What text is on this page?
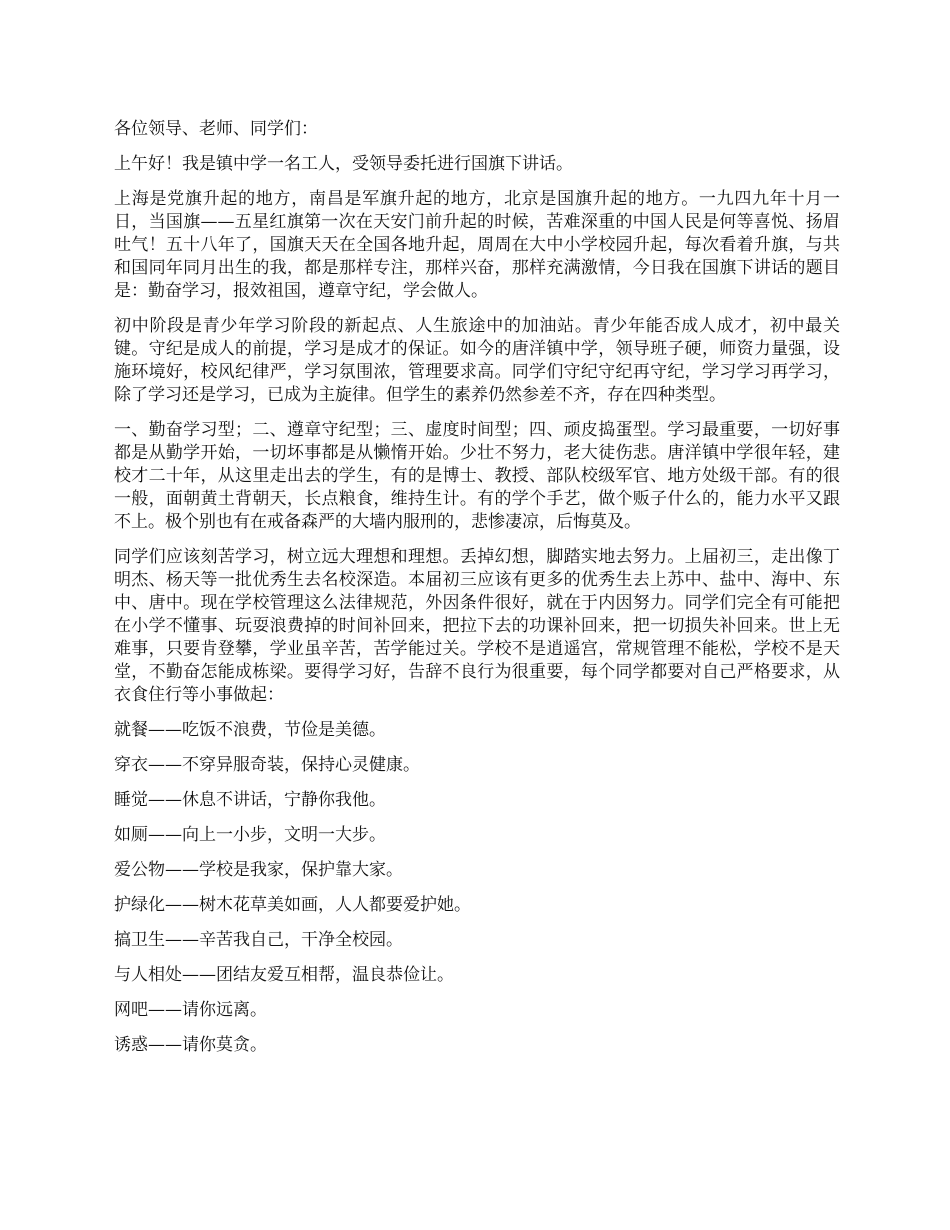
各位领导、老师、同学们：

上午好！我是镇中学一名工人，受领导委托进行国旗下讲话。

上海是党旗升起的地方，南昌是军旗升起的地方，北京是国旗升起的地方。一九四九年十月一日，当国旗——五星红旗第一次在天安门前升起的时候，苦难深重的中国人民是何等喜悦、扬眉吐气！五十八年了，国旗天天在全国各地升起，周周在大中小学校园升起，每次看着升旗，与共和国同年同月出生的我，都是那样专注，那样兴奋，那样充满激情，今日我在国旗下讲话的题目是：勤奋学习，报效祖国，遵章守纪，学会做人。

初中阶段是青少年学习阶段的新起点、人生旅途中的加油站。青少年能否成人成才，初中最关键。守纪是成人的前提，学习是成才的保证。如今的唐洋镇中学，领导班子硬，师资力量强，设施环境好，校风纪律严，学习氛围浓，管理要求高。同学们守纪守纪再守纪，学习学习再学习，除了学习还是学习，已成为主旋律。但学生的素养仍然参差不齐，存在四种类型。

一、勤奋学习型；二、遵章守纪型；三、虚度时间型；四、顽皮捣蛋型。学习最重要，一切好事都是从勤学开始，一切坏事都是从懒惰开始。少壮不努力，老大徒伤悲。唐洋镇中学很年轻，建校才二十年，从这里走出去的学生，有的是博士、教授、部队校级军官、地方处级干部。有的很一般，面朝黄土背朝天，长点粮食，维持生计。有的学个手艺，做个贩子什么的，能力水平又跟不上。极个别也有在戒备森严的大墙内服刑的，悲惨凄凉，后悔莫及。

同学们应该刻苦学习，树立远大理想和理想。丢掉幻想，脚踏实地去努力。上届初三，走出像丁明杰、杨天等一批优秀生去名校深造。本届初三应该有更多的优秀生去上苏中、盐中、海中、东中、唐中。现在学校管理这么法律规范，外因条件很好，就在于内因努力。同学们完全有可能把在小学不懂事、玩耍浪费掉的时间补回来，把拉下去的功课补回来，把一切损失补回来。世上无难事，只要肯登攀，学业虽辛苦，苦学能过关。学校不是逍遥宫，常规管理不能松，学校不是天堂，不勤奋怎能成栋梁。要得学习好，告辞不良行为很重要，每个同学都要对自己严格要求，从衣食住行等小事做起：

就餐——吃饭不浪费，节俭是美德。

穿衣——不穿异服奇装，保持心灵健康。

睡觉——休息不讲话，宁静你我他。

如厕——向上一小步，文明一大步。

爱公物——学校是我家，保护靠大家。

护绿化——树木花草美如画，人人都要爱护她。

搞卫生——辛苦我自己，干净全校园。

与人相处——团结友爱互相帮，温良恭俭让。

网吧——请你远离。

诱惑——请你莫贪。
